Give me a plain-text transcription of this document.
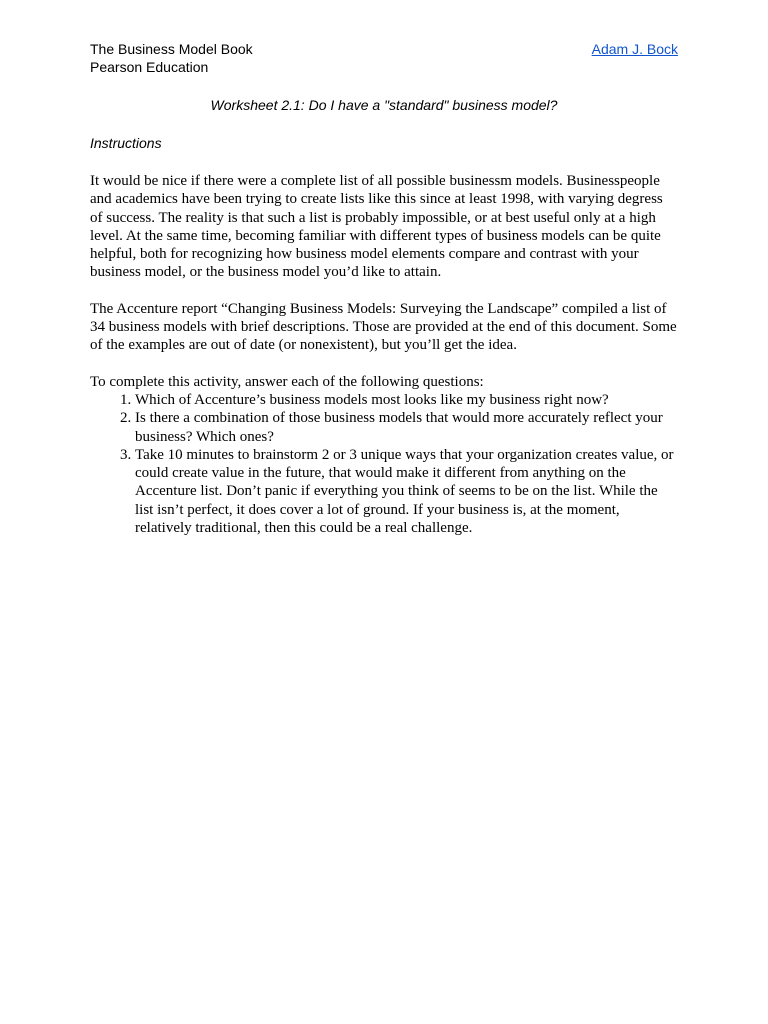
The Business Model Book
Pearson Education
Adam J. Bock
Worksheet 2.1: Do I have a "standard" business model?
Instructions

It would be nice if there were a complete list of all possible businessm models. Businesspeople and academics have been trying to create lists like this since at least 1998, with varying degress of success. The reality is that such a list is probably impossible, or at best useful only at a high level. At the same time, becoming familiar with different types of business models can be quite helpful, both for recognizing how business model elements compare and contrast with your business model, or the business model you’d like to attain.

The Accenture report “Changing Business Models: Surveying the Landscape” compiled a list of 34 business models with brief descriptions. Those are provided at the end of this document. Some of the examples are out of date (or nonexistent), but you’ll get the idea.

To complete this activity, answer each of the following questions:
1. Which of Accenture’s business models most looks like my business right now?
2. Is there a combination of those business models that would more accurately reflect your business? Which ones?
3. Take 10 minutes to brainstorm 2 or 3 unique ways that your organization creates value, or could create value in the future, that would make it different from anything on the Accenture list. Don’t panic if everything you think of seems to be on the list. While the list isn’t perfect, it does cover a lot of ground. If your business is, at the moment, relatively traditional, then this could be a real challenge.
